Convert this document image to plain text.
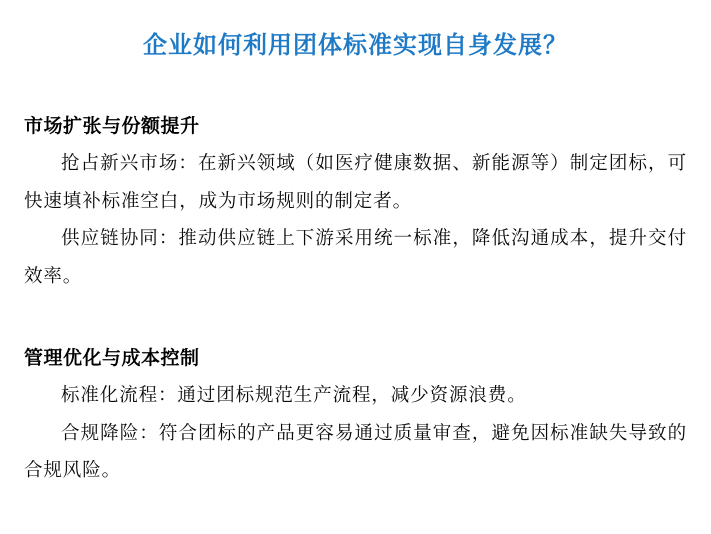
企业如何利用团体标准实现自身发展？
市场扩张与份额提升

抢占新兴市场：在新兴领域（如医疗健康数据、新能源等）制定团标，可快速填补标准空白，成为市场规则的制定者。

供应链协同：推动供应链上下游采用统一标准，降低沟通成本，提升交付效率。

管理优化与成本控制

标准化流程：通过团标规范生产流程，减少资源浪费。

合规降险：符合团标的产品更容易通过质量审查，避免因标准缺失导致的合规风险。
